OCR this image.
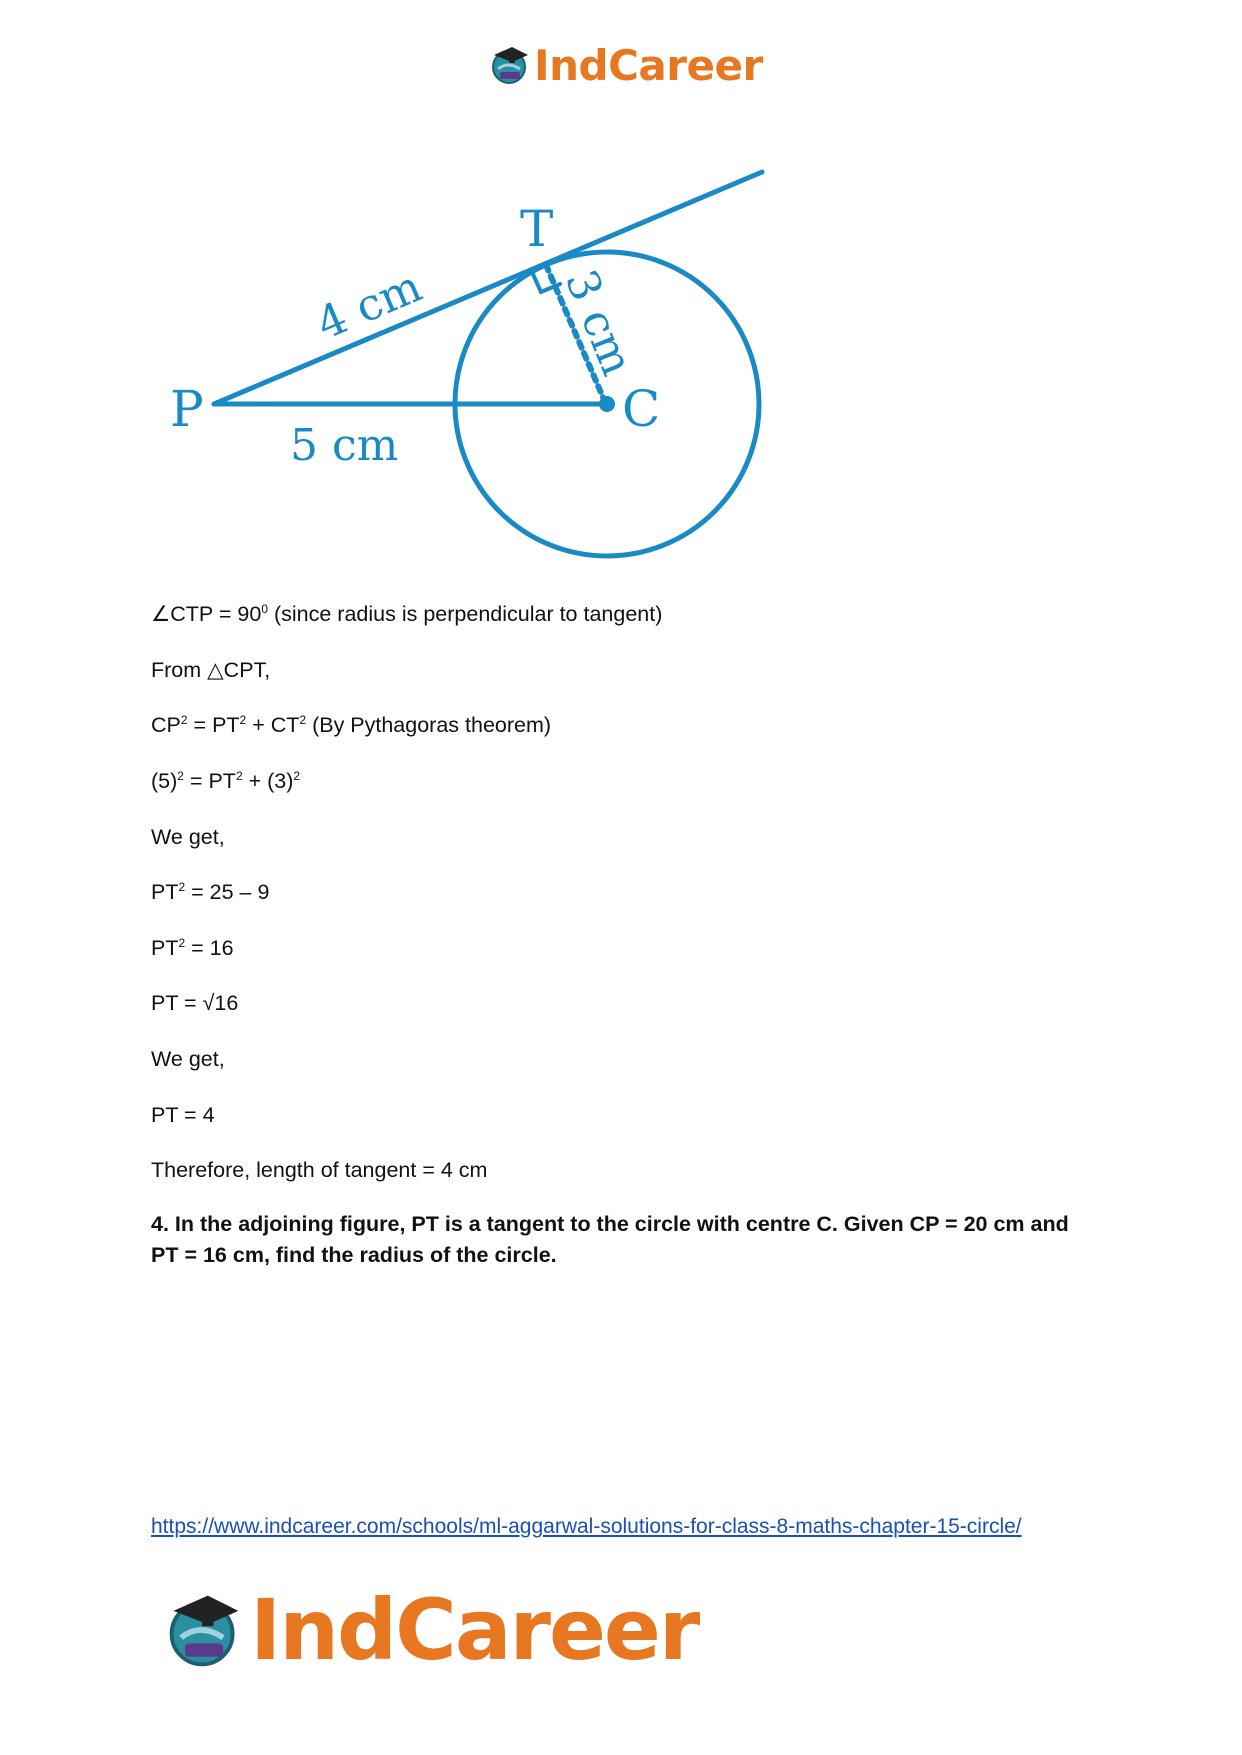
IndCareer
P
T
C
4 cm
5 cm
3 cm
∠CTP = $90^0$ (since radius is perpendicular to tangent)
From △CPT,
$CP^2 = PT^2 + CT^2$ (By Pythagoras theorem)
$(5)^2 = PT^2 + (3)^2$
We get,
$PT^2 = 25 - 9$
$PT^2 = 16$
PT = √16
We get,
PT = 4
Therefore, length of tangent = 4 cm
4. In the adjoining figure, PT is a tangent to the circle with centre C. Given CP = 20 cm and PT = 16 cm, find the radius of the circle.
https://www.indcareer.com/schools/ml-aggarwal-solutions-for-class-8-maths-chapter-15-circle/
IndCareer
